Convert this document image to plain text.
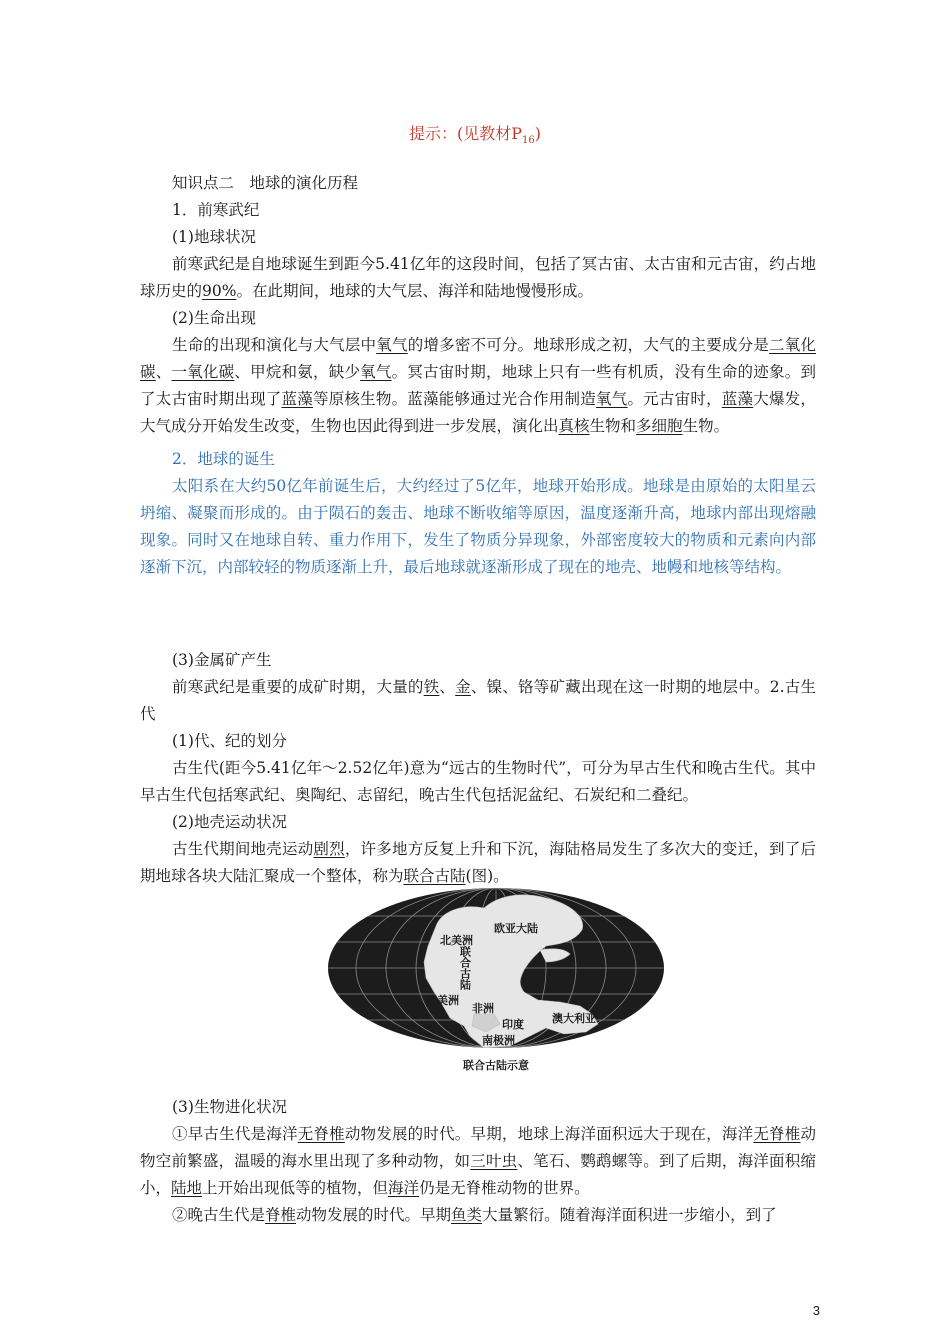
提示：(见教材$P_{16}$)

知识点二　地球的演化历程

1．前寒武纪

(1)地球状况

前寒武纪是自地球诞生到距今5.41亿年的这段时间，包括了冥古宙、太古宙和元古宙，约占地球历史的90%。在此期间，地球的大气层、海洋和陆地慢慢形成。

(2)生命出现

生命的出现和演化与大气层中氧气的增多密不可分。地球形成之初，大气的主要成分是二氧化碳、一氧化碳、甲烷和氨，缺少氧气。冥古宙时期，地球上只有一些有机质，没有生命的迹象。到了太古宙时期出现了蓝藻等原核生物。蓝藻能够通过光合作用制造氧气。元古宙时，蓝藻大爆发，大气成分开始发生改变，生物也因此得到进一步发展，演化出真核生物和多细胞生物。

2．地球的诞生

太阳系在大约50亿年前诞生后，大约经过了5亿年，地球开始形成。地球是由原始的太阳星云坍缩、凝聚而形成的。由于陨石的轰击、地球不断收缩等原因，温度逐渐升高，地球内部出现熔融现象。同时又在地球自转、重力作用下，发生了物质分异现象，外部密度较大的物质和元素向内部逐渐下沉，内部较轻的物质逐渐上升，最后地球就逐渐形成了现在的地壳、地幔和地核等结构。

(3)金属矿产生

前寒武纪是重要的成矿时期，大量的铁、金、镍、铬等矿藏出现在这一时期的地层中。2.古生代

(1)代、纪的划分

古生代(距今5.41亿年～2.52亿年)意为“远古的生物时代”，可分为早古生代和晚古生代。其中早古生代包括寒武纪、奥陶纪、志留纪，晚古生代包括泥盆纪、石炭纪和二叠纪。

(2)地壳运动状况

古生代期间地壳运动剧烈，许多地方反复上升和下沉，海陆格局发生了多次大的变迁，到了后期地球各块大陆汇聚成一个整体，称为联合古陆(图)。

北美洲
欧亚大陆
联合古陆
南美洲
非洲
印度	澳大利亚
南极洲
联合古陆示意

(3)生物进化状况

①早古生代是海洋无脊椎动物发展的时代。早期，地球上海洋面积远大于现在，海洋无脊椎动物空前繁盛，温暖的海水里出现了多种动物，如三叶虫、笔石、鹦鹉螺等。到了后期，海洋面积缩小，陆地上开始出现低等的植物，但海洋仍是无脊椎动物的世界。

②晚古生代是脊椎动物发展的时代。早期鱼类大量繁衍。随着海洋面积进一步缩小，到了

3
